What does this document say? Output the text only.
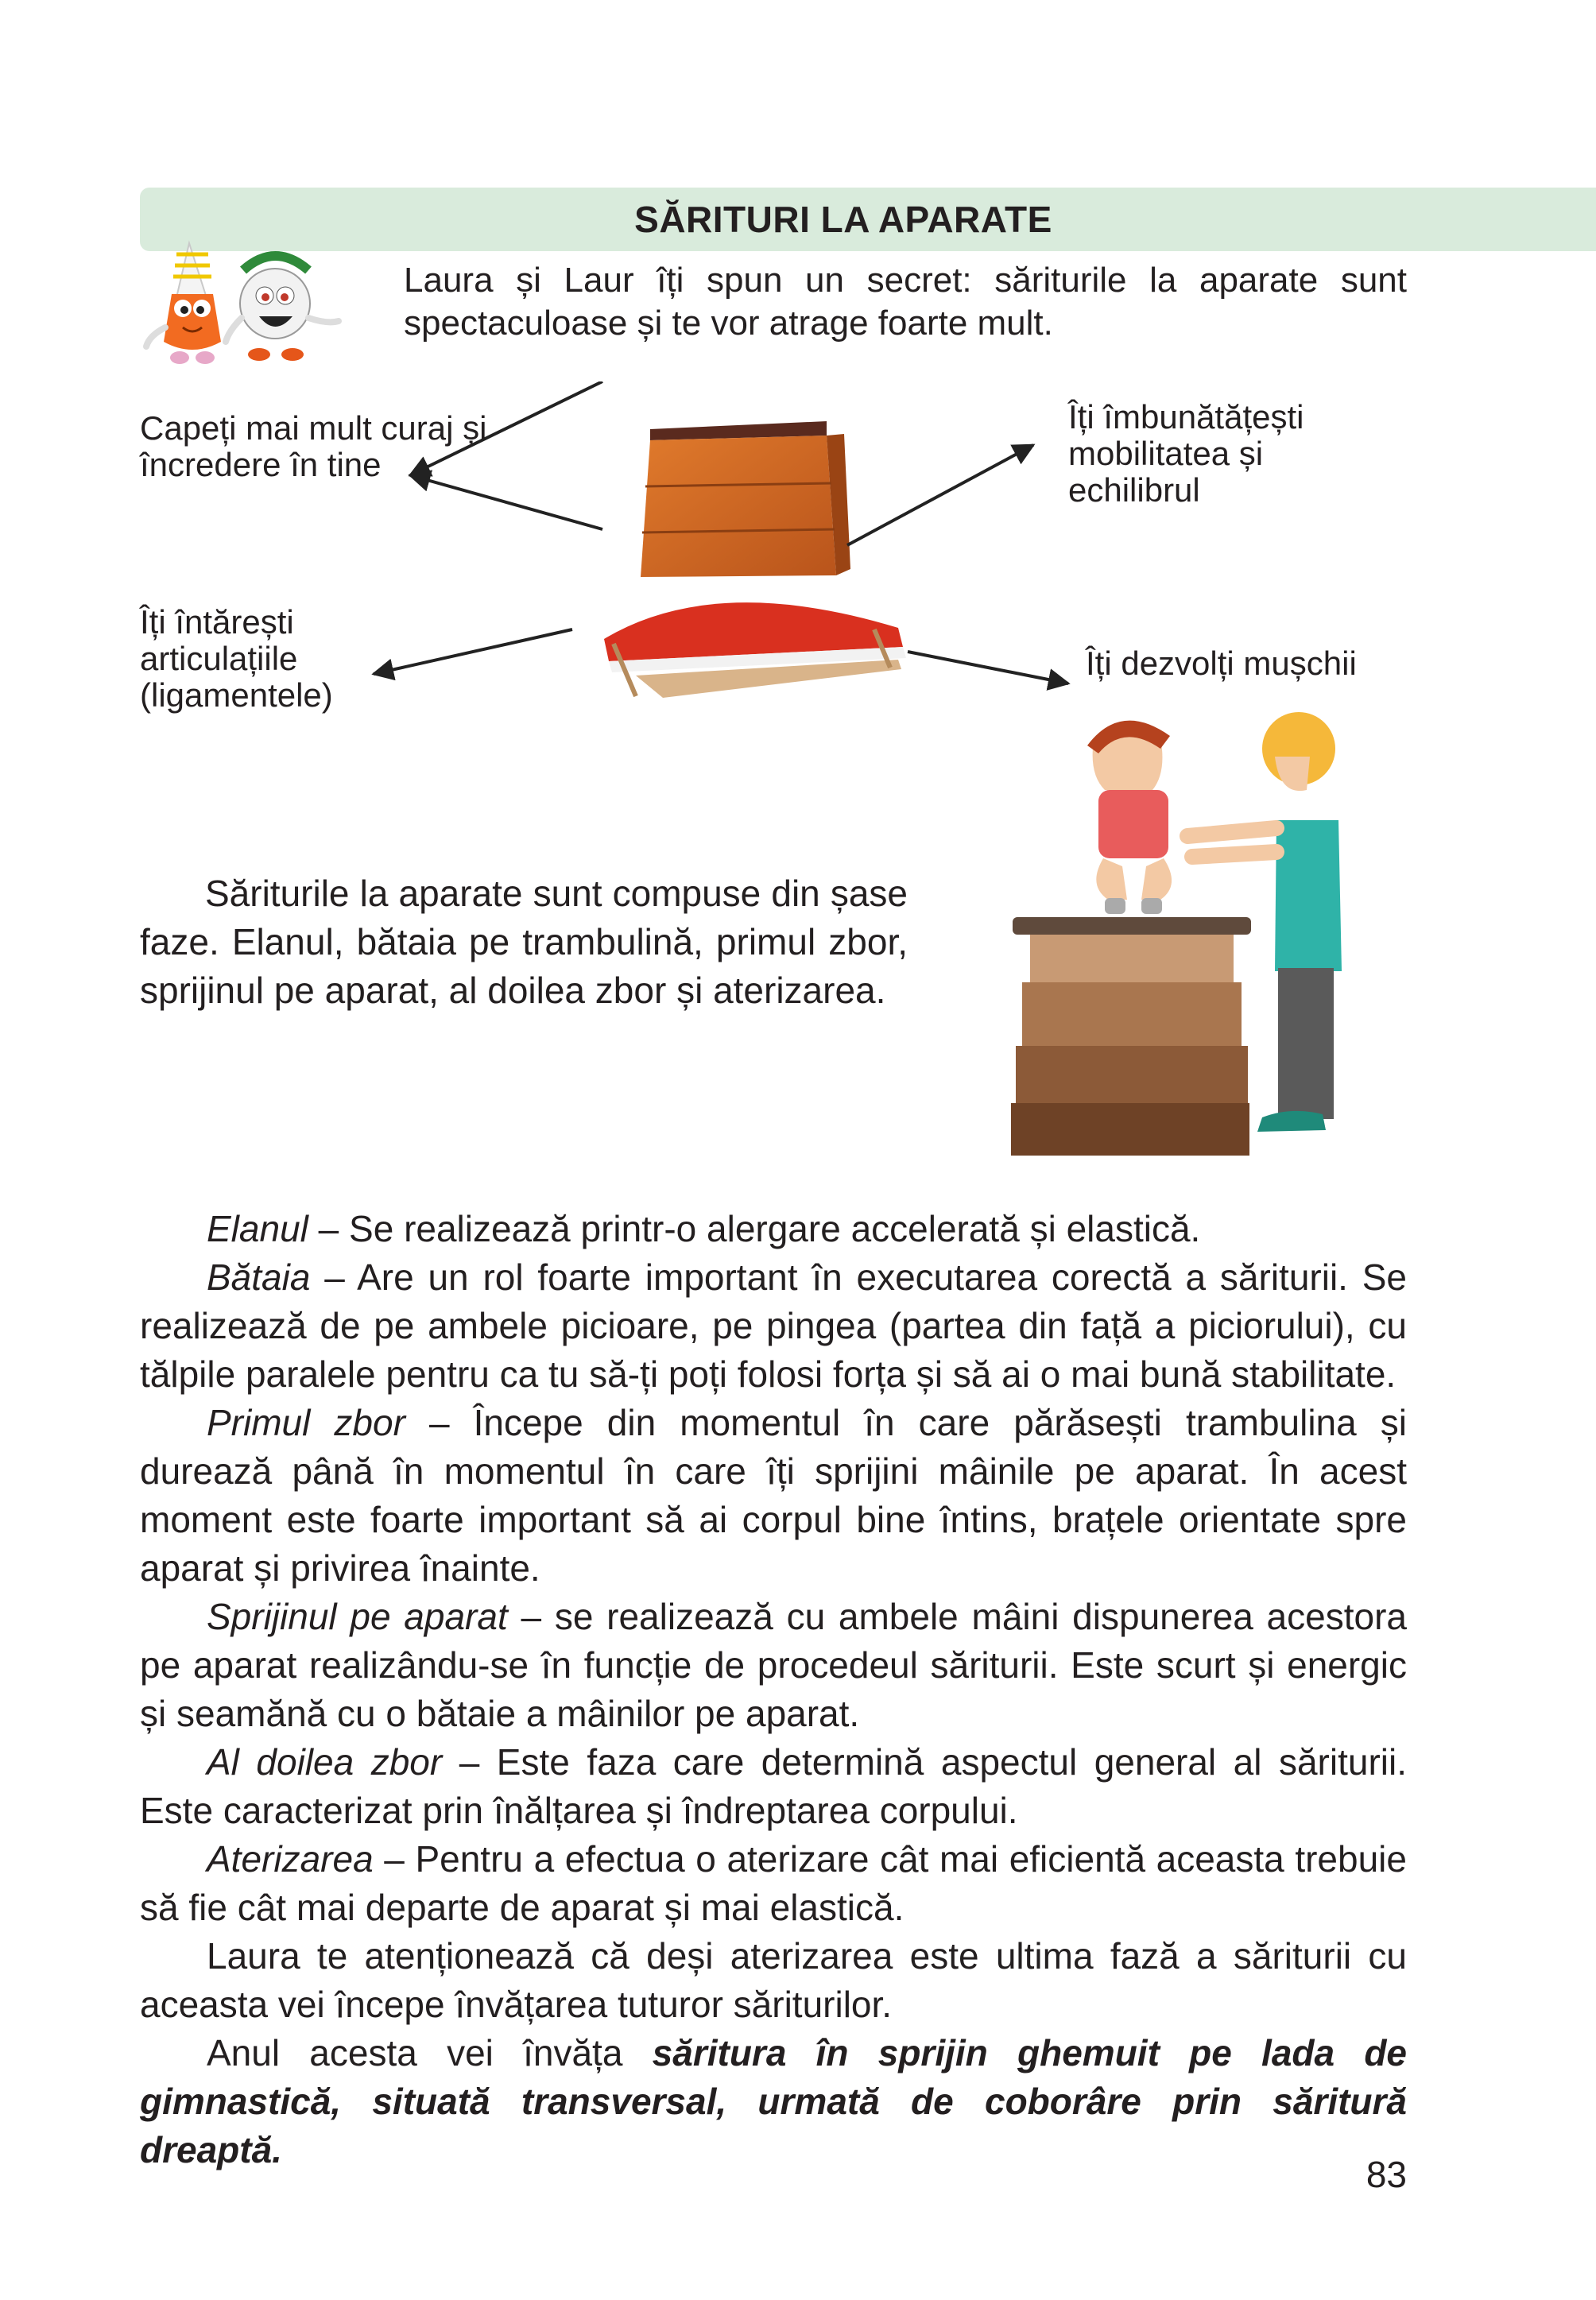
SĂRITURI LA APARATE
Laura și Laur îți spun un secret: săriturile la aparate sunt spectaculoase și te vor atrage foarte mult.
Capeți mai mult curaj și încredere în tine
Îți îmbunătățești mobilitatea și echilibrul
Îți întărești articulațiile (ligamentele)
Îți dezvolți mușchii
Săriturile la aparate sunt compuse din șase faze. Elanul, bătaia pe trambulină, primul zbor, sprijinul pe aparat, al doilea zbor și aterizarea.

Elanul – Se realizează printr-o alergare accelerată și elastică.

Bătaia – Are un rol foarte important în executarea corectă a săriturii. Se realizează de pe ambele picioare, pe pingea (partea din față a piciorului), cu tălpile paralele pentru ca tu să-ți poți folosi forța și să ai o mai bună stabilitate.

Primul zbor – Începe din momentul în care părăsești trambulina și durează până în momentul în care îți sprijini mâinile pe aparat. În acest moment este foarte important să ai corpul bine întins, brațele orientate spre aparat și privirea înainte.

Sprijinul pe aparat – se realizează cu ambele mâini dispunerea acestora pe aparat realizându-se în funcție de procedeul săriturii. Este scurt și energic și seamănă cu o bătaie a mâinilor pe aparat.

Al doilea zbor – Este faza care determină aspectul general al săriturii. Este caracterizat prin înălțarea și îndreptarea corpului.

Aterizarea – Pentru a efectua o aterizare cât mai eficientă aceasta trebuie să fie cât mai departe de aparat și mai elastică.

Laura te atenționează că deși aterizarea este ultima fază a săriturii cu aceasta vei începe învățarea tuturor săriturilor.

Anul acesta vei învăța săritura în sprijin ghemuit pe lada de gimnastică, situată transversal, urmată de coborâre prin săritură dreaptă.

83
